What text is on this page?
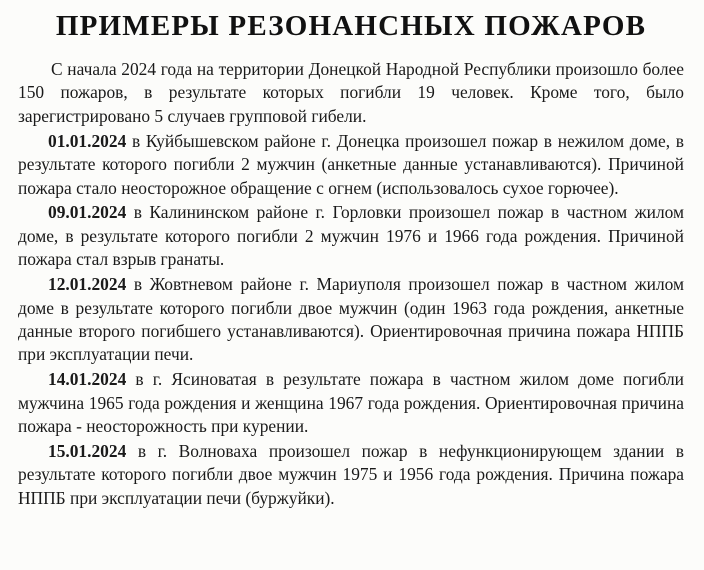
ПРИМЕРЫ РЕЗОНАНСНЫХ ПОЖАРОВ

С начала 2024 года на территории Донецкой Народной Республики произошло более 150 пожаров, в результате которых погибли 19 человек. Кроме того, было зарегистрировано 5 случаев групповой гибели.

01.01.2024 в Куйбышевском районе г. Донецка произошел пожар в нежилом доме, в результате которого погибли 2 мужчин (анкетные данные устанавливаются). Причиной пожара стало неосторожное обращение с огнем (использовалось сухое горючее).

09.01.2024 в Калининском районе г. Горловки произошел пожар в частном жилом доме, в результате которого погибли 2 мужчин 1976 и 1966 года рождения. Причиной пожара стал взрыв гранаты.

12.01.2024 в Жовтневом районе г. Мариуполя произошел пожар в частном жилом доме в результате которого погибли двое мужчин (один 1963 года рождения, анкетные данные второго погибшего устанавливаются). Ориентировочная причина пожара НППБ при эксплуатации печи.

14.01.2024 в г. Ясиноватая в результате пожара в частном жилом доме погибли мужчина 1965 года рождения и женщина 1967 года рождения. Ориентировочная причина пожара - неосторожность при курении.

15.01.2024 в г. Волноваха произошел пожар в нефункционирующем здании в результате которого погибли двое мужчин 1975 и 1956 года рождения. Причина пожара НППБ при эксплуатации печи (буржуйки).
